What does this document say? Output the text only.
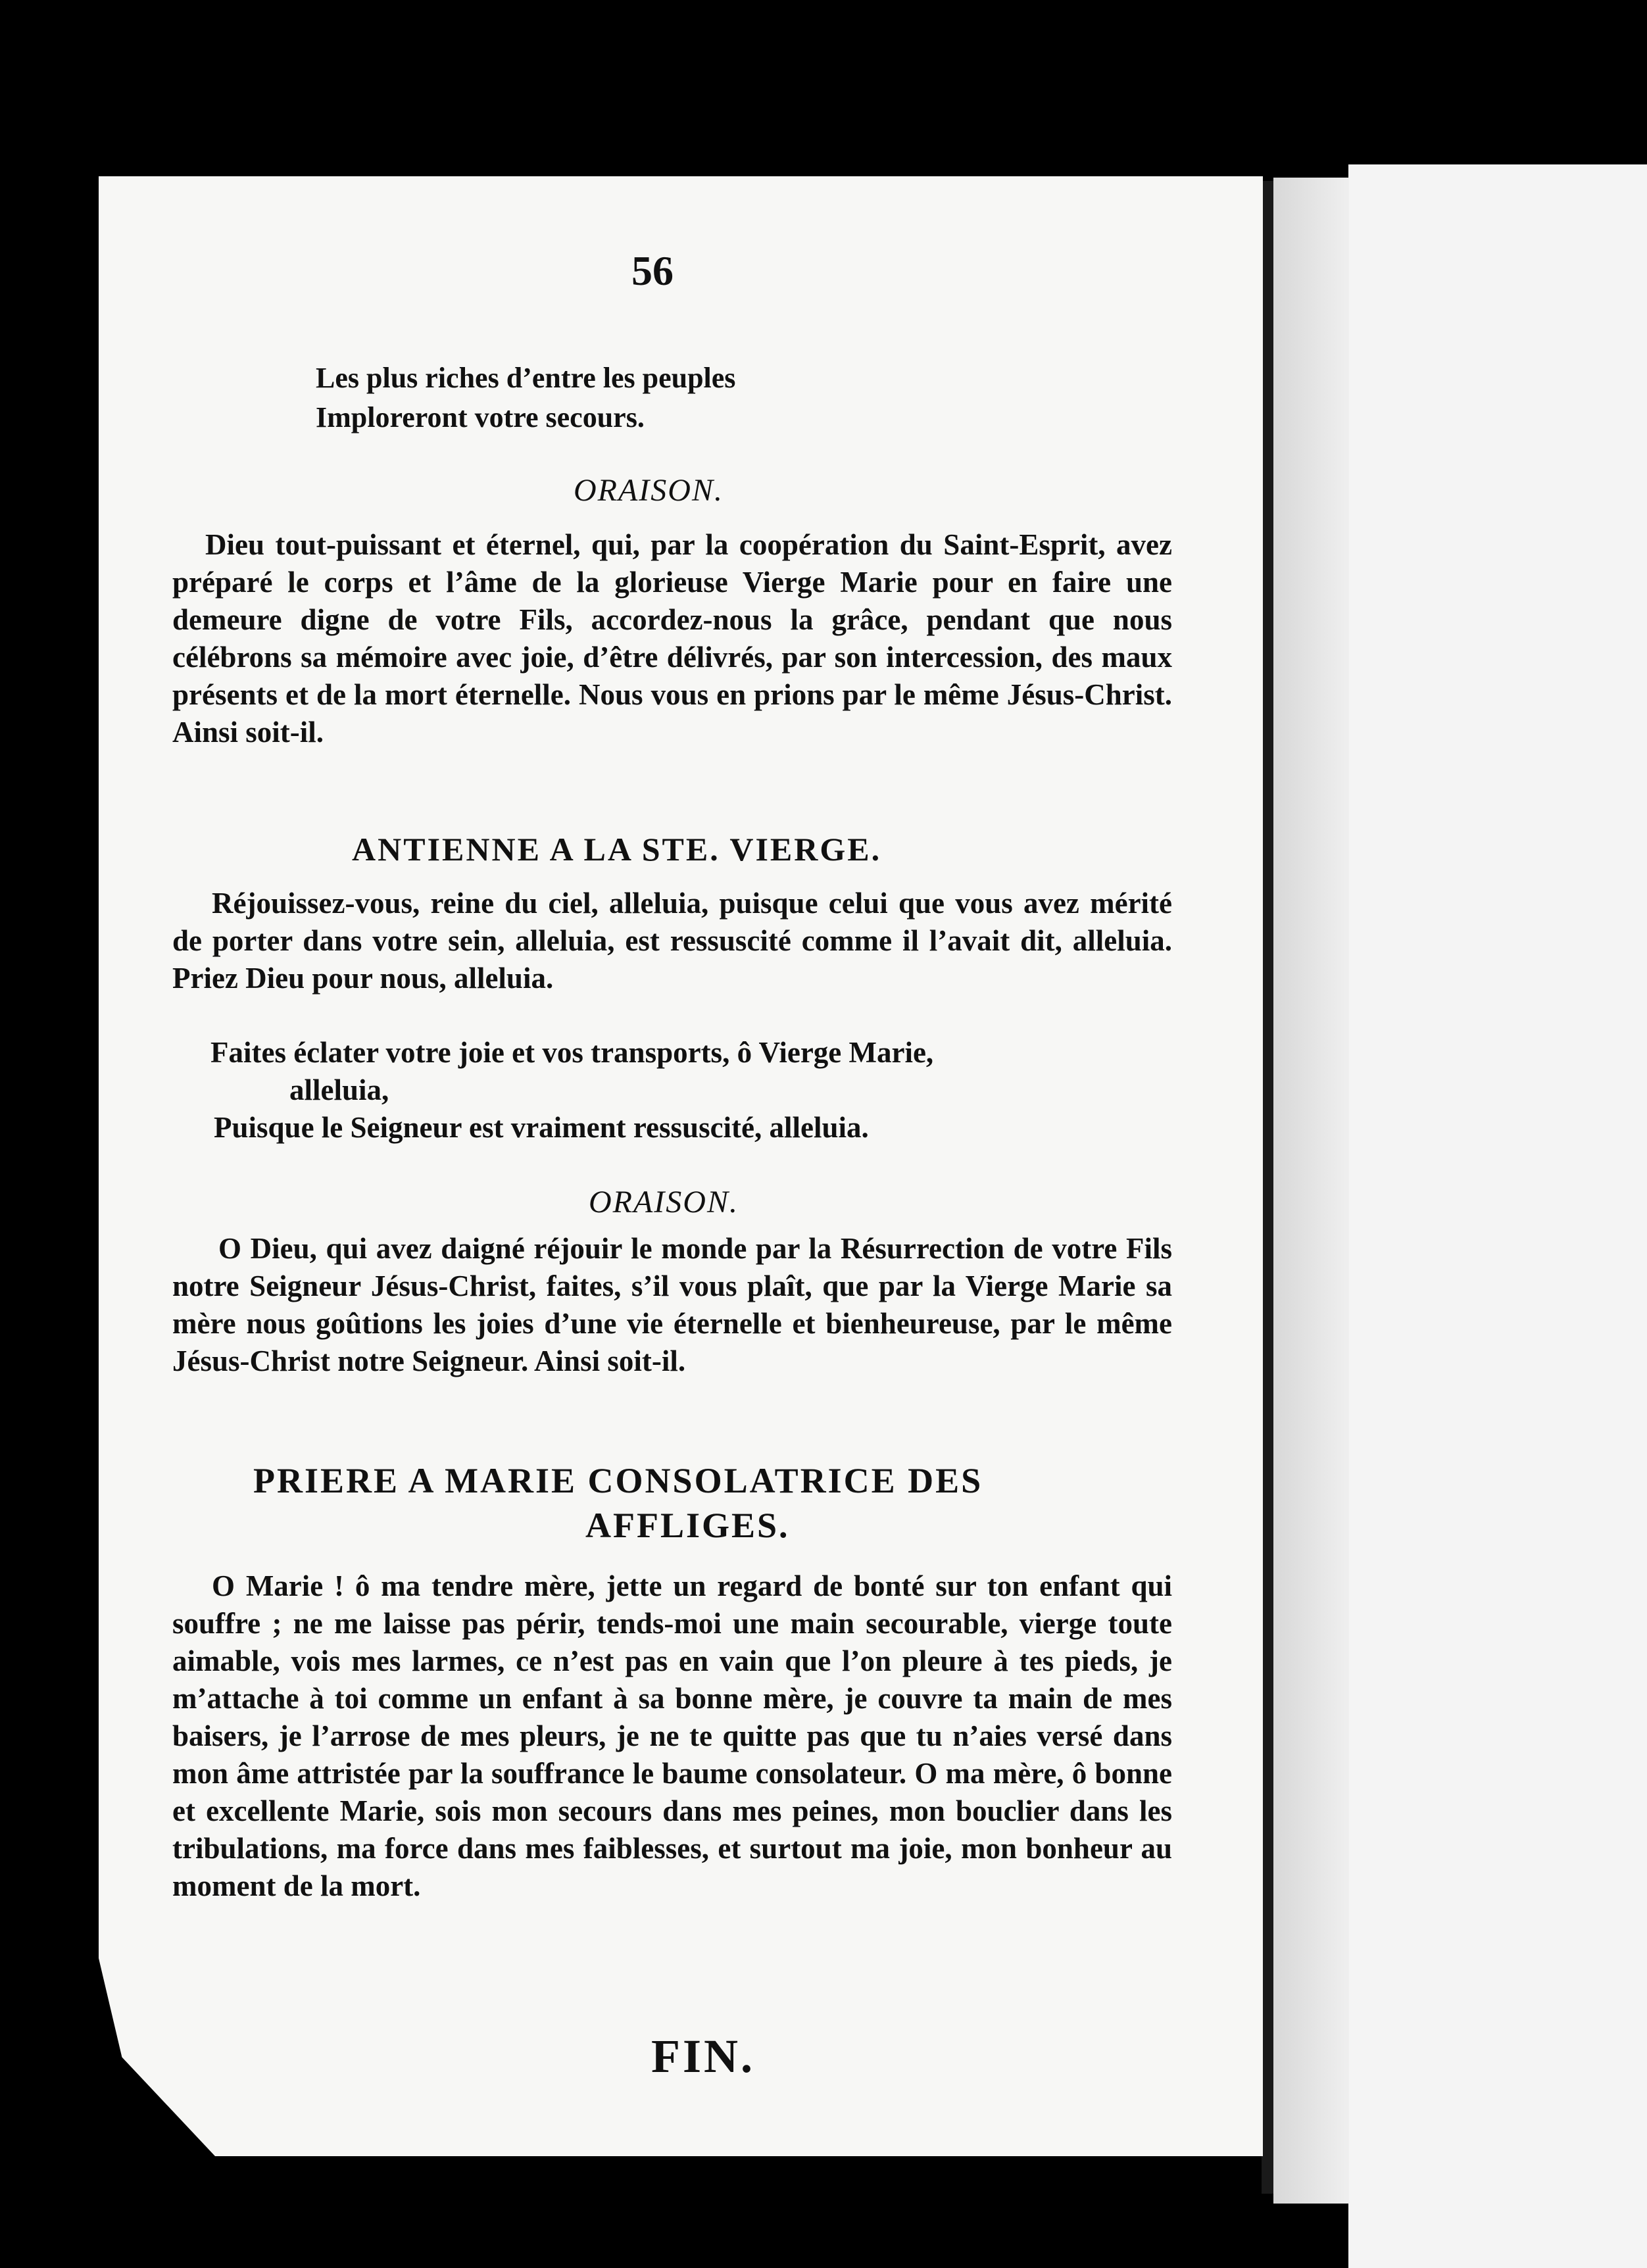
56
Les plus riches d’entre les peuples
Imploreront votre secours.
ORAISON.
Dieu tout-puissant et éternel, qui, par la coopération du Saint-Esprit, avez préparé le corps et l’âme de la glorieuse Vierge Marie pour en faire une demeure digne de votre Fils, accordez-nous la grâce, pendant que nous célébrons sa mémoire avec joie, d’être délivrés, par son intercession, des maux présents et de la mort éternelle. Nous vous en prions par le même Jésus-Christ. Ainsi soit-il.
ANTIENNE A LA STE. VIERGE.
Réjouissez-vous, reine du ciel, alleluia, puisque celui que vous avez mérité de porter dans votre sein, alleluia, est ressuscité comme il l’avait dit, alleluia. Priez Dieu pour nous, alleluia.
Faites éclater votre joie et vos transports, ô Vierge Marie,
alleluia,
Puisque le Seigneur est vraiment ressuscité, alleluia.
ORAISON.
O Dieu, qui avez daigné réjouir le monde par la Résurrection de votre Fils notre Seigneur Jésus-Christ, faites, s’il vous plaît, que par la Vierge Marie sa mère nous goûtions les joies d’une vie éternelle et bienheureuse, par le même Jésus-Christ notre Seigneur. Ainsi soit-il.
PRIERE A MARIE CONSOLATRICE DES
AFFLIGES.
O Marie ! ô ma tendre mère, jette un regard de bonté sur ton enfant qui souffre ; ne me laisse pas périr, tends-moi une main secourable, vierge toute aimable, vois mes larmes, ce n’est pas en vain que l’on pleure à tes pieds, je m’attache à toi comme un enfant à sa bonne mère, je couvre ta main de mes baisers, je l’arrose de mes pleurs, je ne te quitte pas que tu n’aies versé dans mon âme attristée par la souffrance le baume consolateur. O ma mère, ô bonne et excellente Marie, sois mon secours dans mes peines, mon bouclier dans les tribulations, ma force dans mes faiblesses, et surtout ma joie, mon bonheur au moment de la mort.
FIN.
